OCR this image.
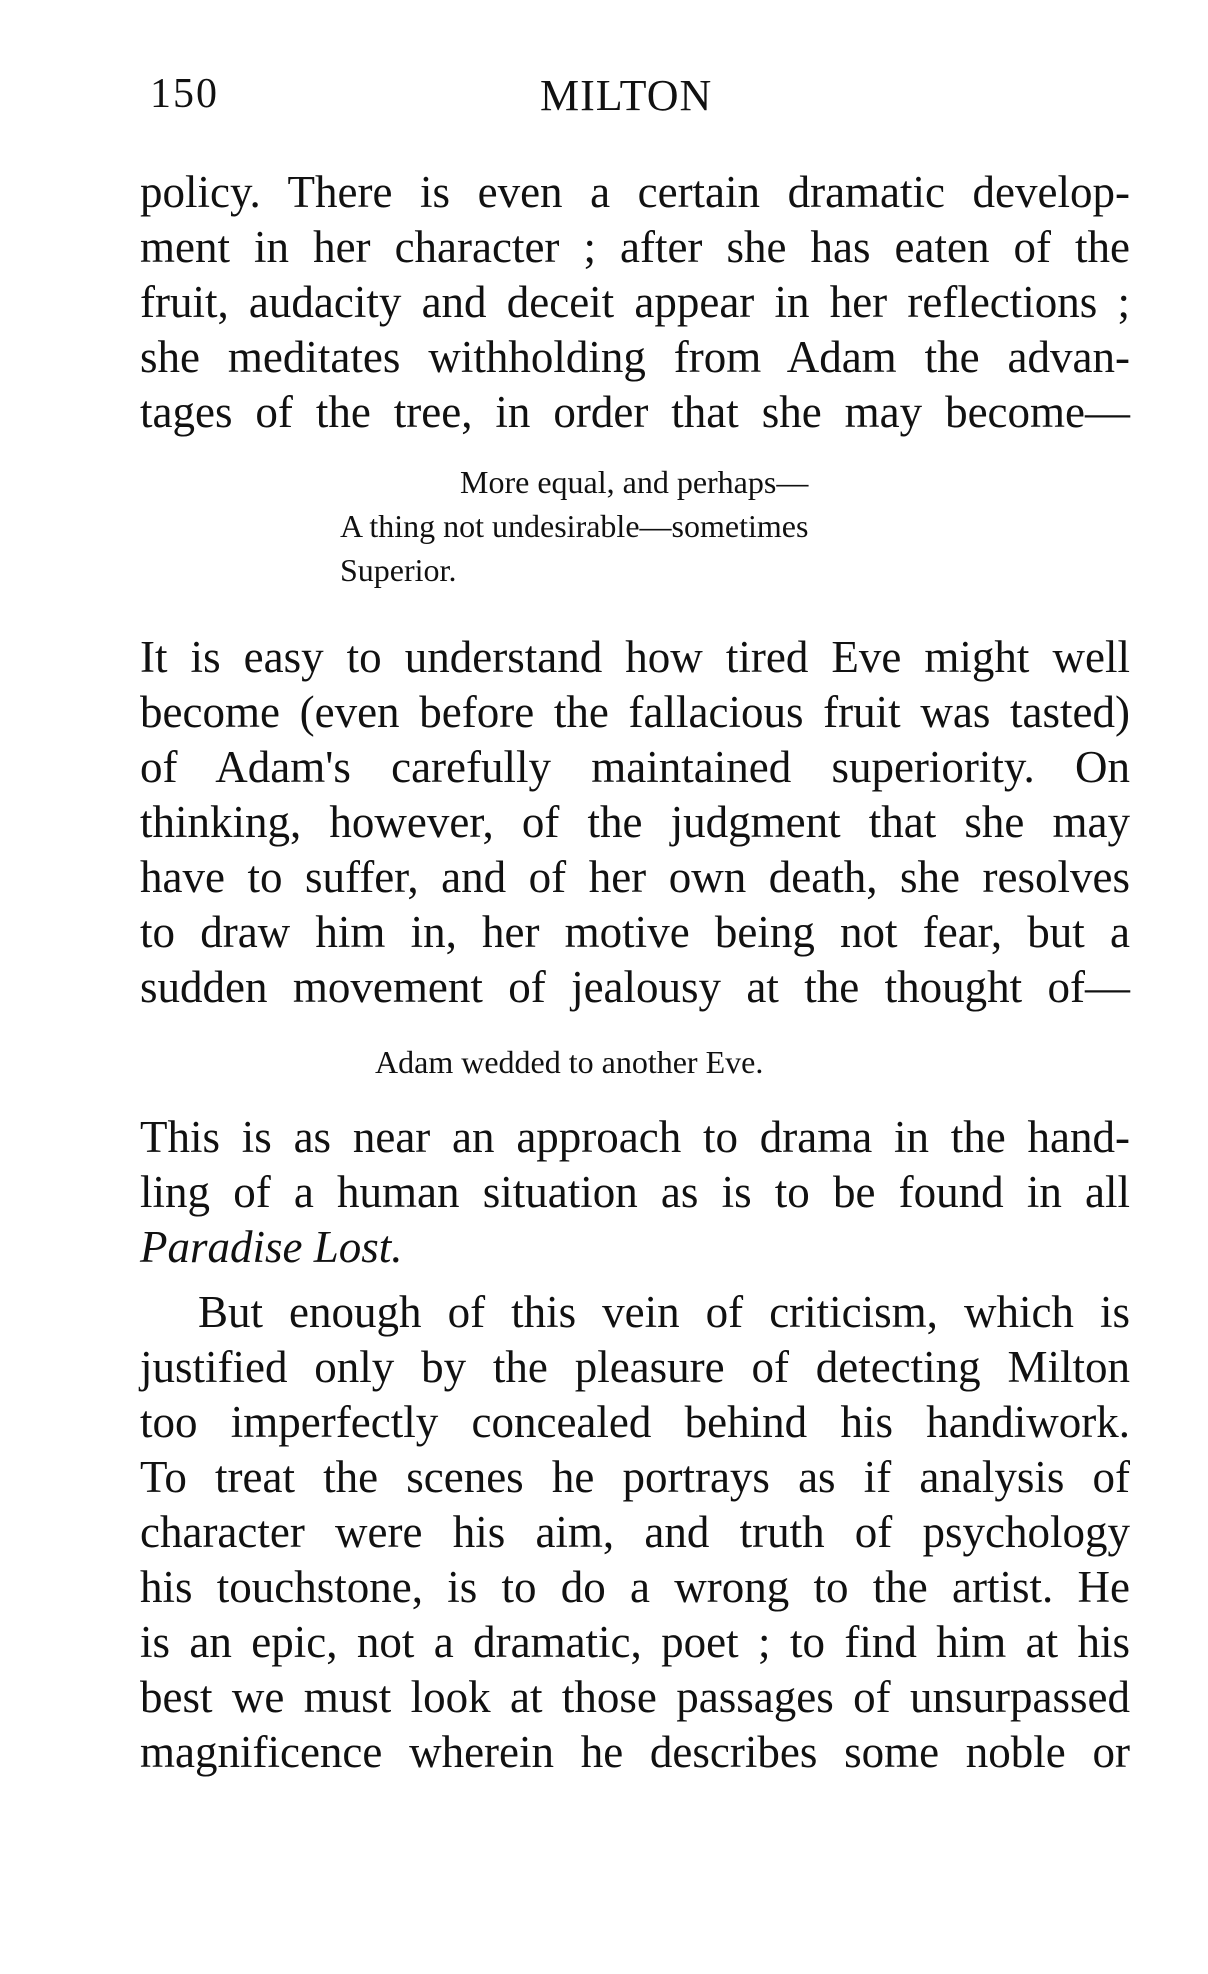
150	MILTON
policy. There is even a certain dramatic develop-
ment in her character ; after she has eaten of the
fruit, audacity and deceit appear in her reflections ;
she meditates withholding from Adam the advan-
tages of the tree, in order that she may become—
More equal, and perhaps—
A thing not undesirable—sometimes
Superior.
It is easy to understand how tired Eve might well
become (even before the fallacious fruit was tasted)
of Adam's carefully maintained superiority. On
thinking, however, of the judgment that she may
have to suffer, and of her own death, she resolves
to draw him in, her motive being not fear, but a
sudden movement of jealousy at the thought of—
Adam wedded to another Eve.
This is as near an approach to drama in the hand-
ling of a human situation as is to be found in all
Paradise Lost.
But enough of this vein of criticism, which is
justified only by the pleasure of detecting Milton
too imperfectly concealed behind his handiwork.
To treat the scenes he portrays as if analysis of
character were his aim, and truth of psychology
his touchstone, is to do a wrong to the artist. He
is an epic, not a dramatic, poet ; to find him at his
best we must look at those passages of unsurpassed
magnificence wherein he describes some noble or
